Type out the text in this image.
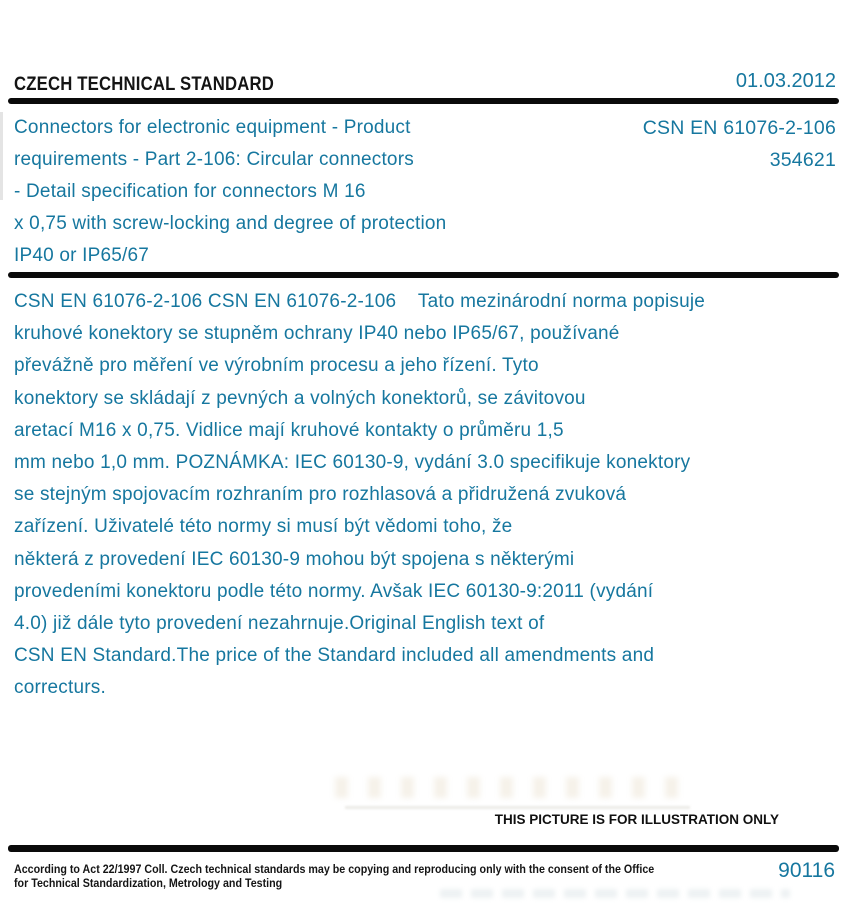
CZECH TECHNICAL STANDARD	01.03.2012
Connectors for electronic equipment - Product
requirements - Part 2-106: Circular connectors
- Detail specification for connectors M 16
x 0,75 with screw-locking and degree of protection
IP40 or IP65/67
CSN EN 61076-2-106
354621
CSN EN 61076-2-106 CSN EN 61076-2-106    Tato mezinárodní norma popisuje
kruhové konektory se stupněm ochrany IP40 nebo IP65/67, používané
převážně pro měření ve výrobním procesu a jeho řízení. Tyto
konektory se skládají z pevných a volných konektorů, se závitovou
aretací M16 x 0,75. Vidlice mají kruhové kontakty o průměru 1,5
mm nebo 1,0 mm. POZNÁMKA: IEC 60130-9, vydání 3.0 specifikuje konektory
se stejným spojovacím rozhraním pro rozhlasová a přidružená zvuková
zařízení. Uživatelé této normy si musí být vědomi toho, že
některá z provedení IEC 60130-9 mohou být spojena s některými
provedeními konektoru podle této normy. Avšak IEC 60130-9:2011 (vydání
4.0) již dále tyto provedení nezahrnuje.Original English text of
CSN EN Standard.The price of the Standard included all amendments and
correcturs.
THIS PICTURE IS FOR ILLUSTRATION ONLY
According to Act 22/1997 Coll. Czech technical standards may be copying and reproducing only with the consent of the Office
for Technical Standardization, Metrology and Testing
90116
